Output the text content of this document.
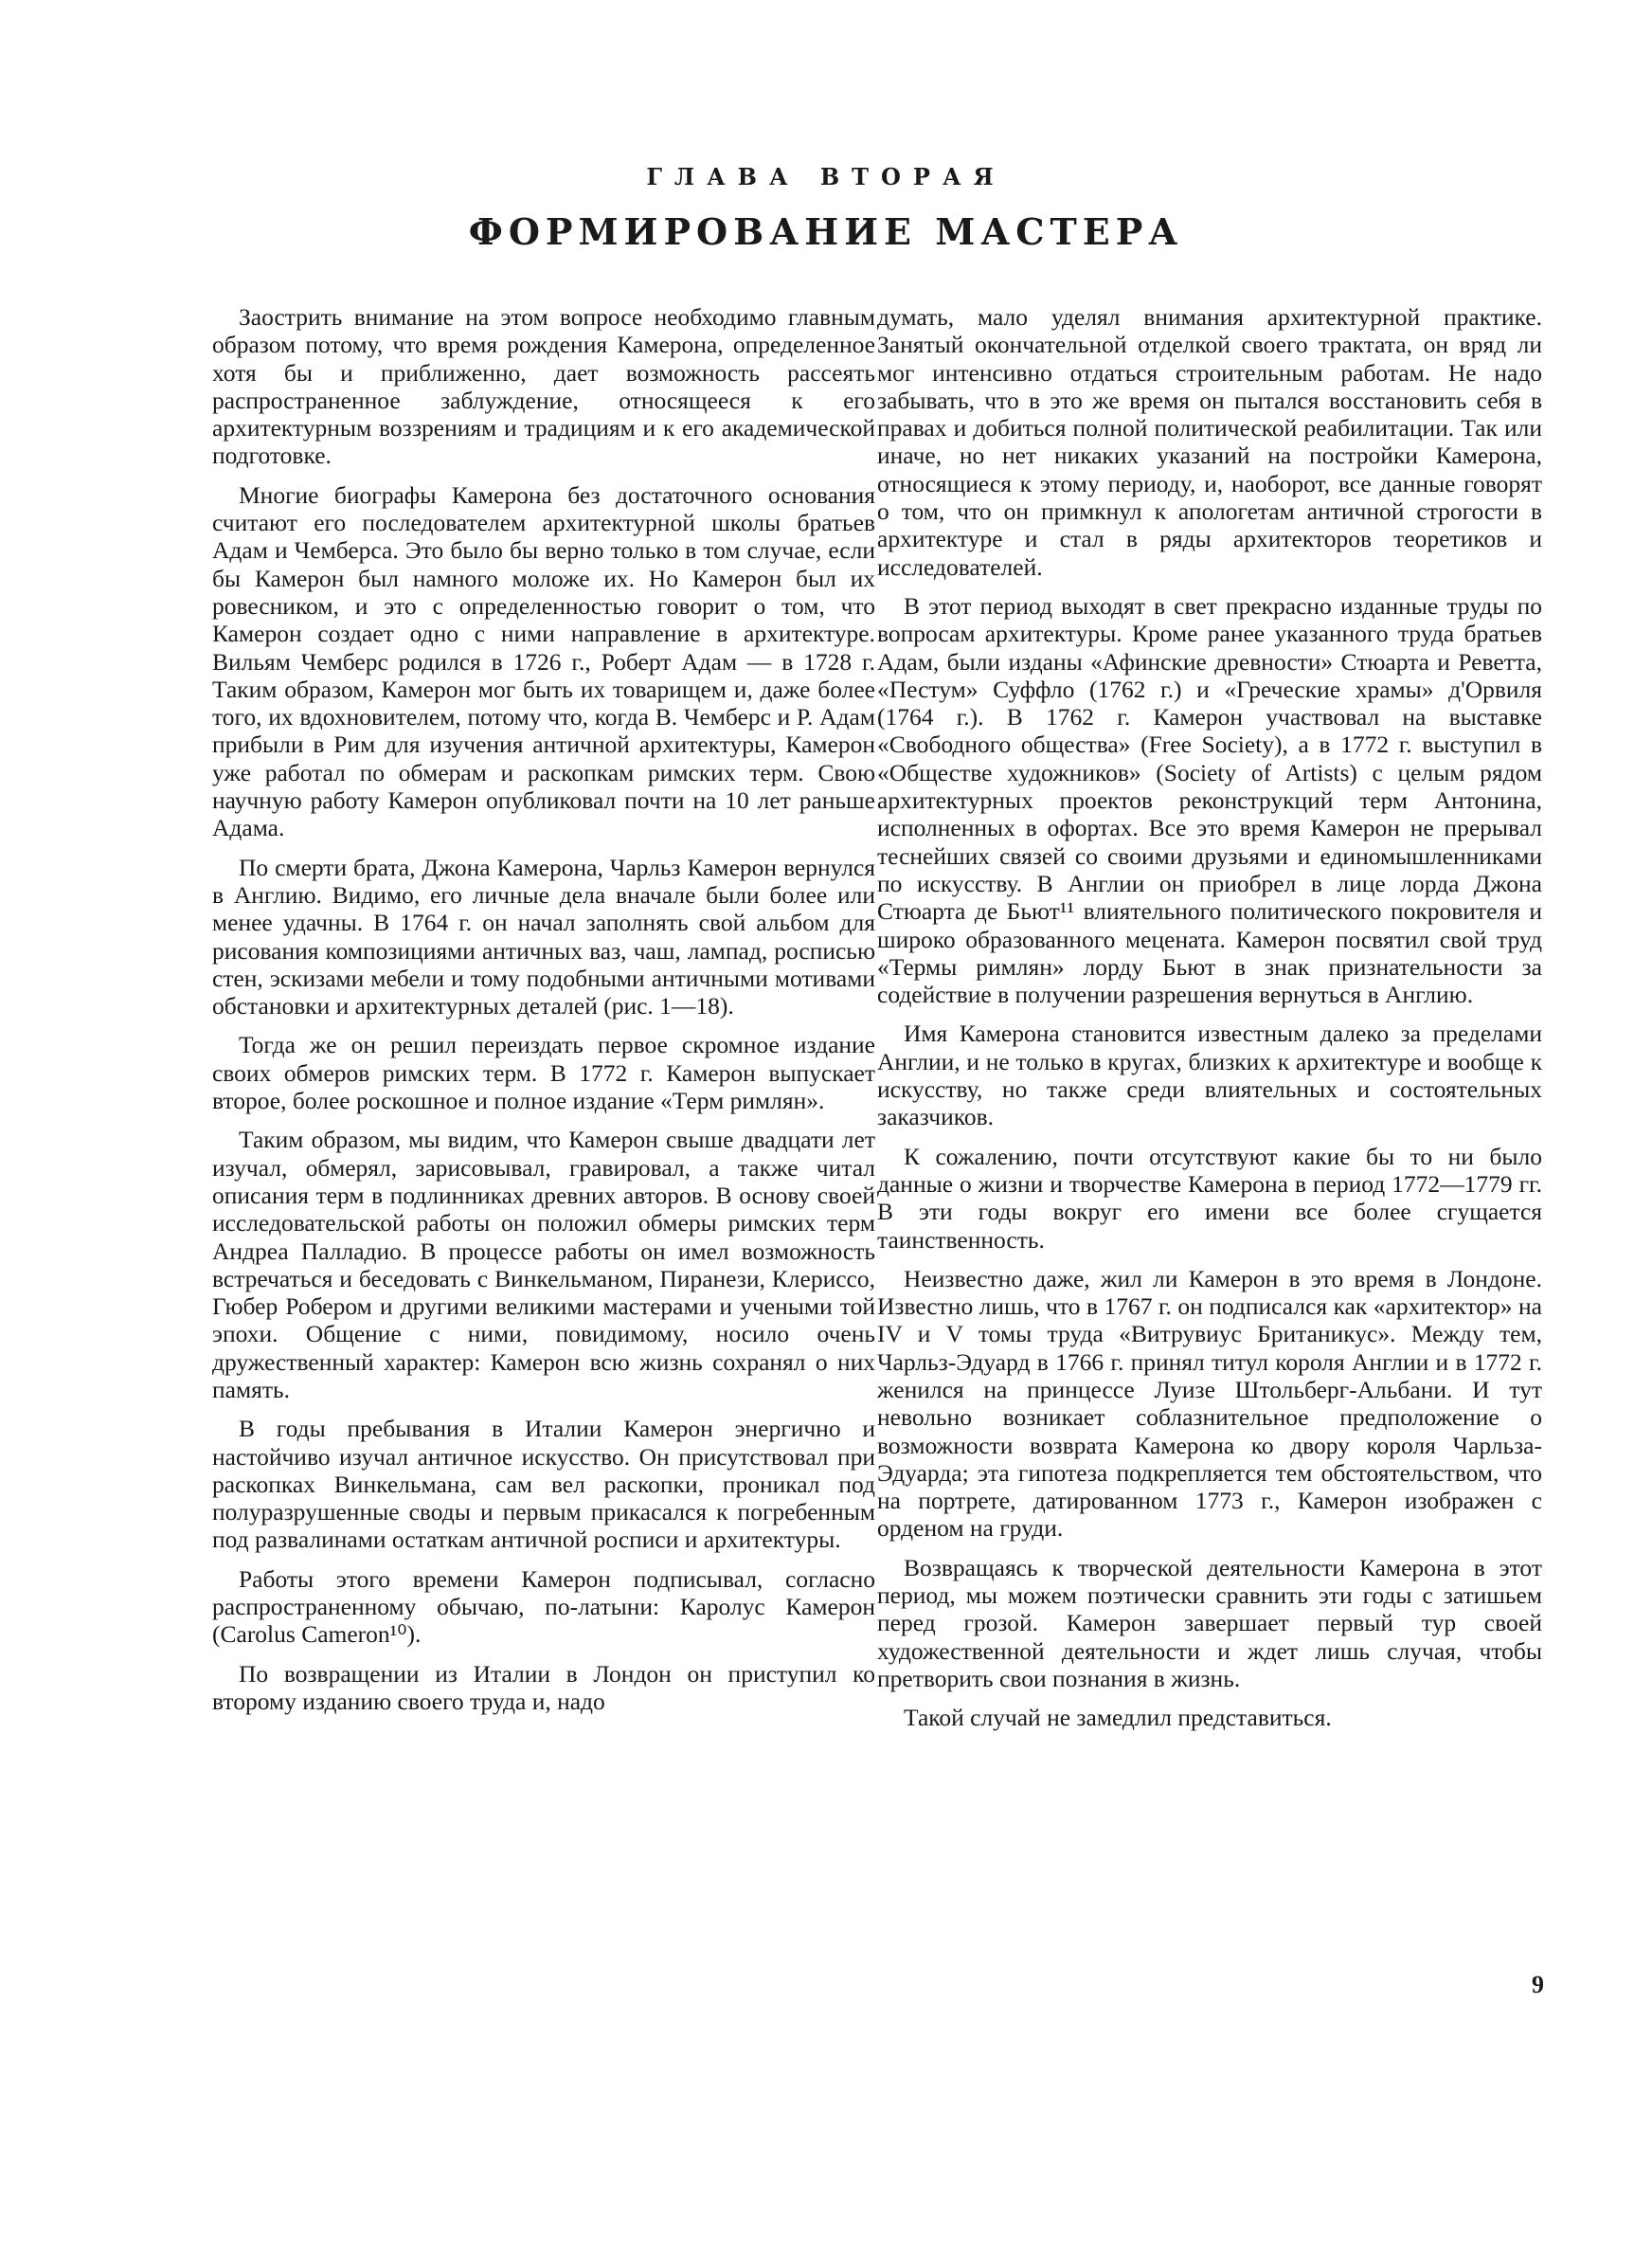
ГЛАВА ВТОРАЯ
ФОРМИРОВАНИЕ МАСТЕРА

Заострить внимание на этом вопросе необходимо главным образом потому, что время рождения Камерона, определенное хотя бы и приближенно, дает возможность рассеять распространенное заблуждение, относящееся к его архитектурным воззрениям и традициям и к его академической подготовке.

Многие биографы Камерона без достаточного основания считают его последователем архитектурной школы братьев Адам и Чемберса. Это было бы верно только в том случае, если бы Камерон был намного моложе их. Но Камерон был их ровесником, и это с определенностью говорит о том, что Камерон создает одно с ними направление в архитектуре. Вильям Чемберс родился в 1726 г., Роберт Адам — в 1728 г. Таким образом, Камерон мог быть их товарищем и, даже более того, их вдохновителем, потому что, когда В. Чемберс и Р. Адам прибыли в Рим для изучения античной архитектуры, Камерон уже работал по обмерам и раскопкам римских терм. Свою научную работу Камерон опубликовал почти на 10 лет раньше Адама.

По смерти брата, Джона Камерона, Чарльз Камерон вернулся в Англию. Видимо, его личные дела вначале были более или менее удачны. В 1764 г. он начал заполнять свой альбом для рисования композициями античных ваз, чаш, лампад, росписью стен, эскизами мебели и тому подобными античными мотивами обстановки и архитектурных деталей (рис. 1—18).

Тогда же он решил переиздать первое скромное издание своих обмеров римских терм. В 1772 г. Камерон выпускает второе, более роскошное и полное издание «Терм римлян».

Таким образом, мы видим, что Камерон свыше двадцати лет изучал, обмерял, зарисовывал, гравировал, а также читал описания терм в подлинниках древних авторов. В основу своей исследовательской работы он положил обмеры римских терм Андреа Палладио. В процессе работы он имел возможность встречаться и беседовать с Винкельманом, Пиранези, Клериссо, Гюбер Робером и другими великими мастерами и учеными той эпохи. Общение с ними, повидимому, носило очень дружественный характер: Камерон всю жизнь сохранял о них память.

В годы пребывания в Италии Камерон энергично и настойчиво изучал античное искусство. Он присутствовал при раскопках Винкельмана, сам вел раскопки, проникал под полуразрушенные своды и первым прикасался к погребенным под развалинами остаткам античной росписи и архитектуры.

Работы этого времени Камерон подписывал, согласно распространенному обычаю, по-латыни: Каролус Камерон (Carolus Cameron¹⁰).

По возвращении из Италии в Лондон он приступил ко второму изданию своего труда и, надо

думать, мало уделял внимания архитектурной практике. Занятый окончательной отделкой своего трактата, он вряд ли мог интенсивно отдаться строительным работам. Не надо забывать, что в это же время он пытался восстановить себя в правах и добиться полной политической реабилитации. Так или иначе, но нет никаких указаний на постройки Камерона, относящиеся к этому периоду, и, наоборот, все данные говорят о том, что он примкнул к апологетам античной строгости в архитектуре и стал в ряды архитекторов теоретиков и исследователей.

В этот период выходят в свет прекрасно изданные труды по вопросам архитектуры. Кроме ранее указанного труда братьев Адам, были изданы «Афинские древности» Стюарта и Реветта, «Пестум» Суффло (1762 г.) и «Греческие храмы» д'Орвиля (1764 г.). В 1762 г. Камерон участвовал на выставке «Свободного общества» (Free Society), а в 1772 г. выступил в «Обществе художников» (Society of Artists) с целым рядом архитектурных проектов реконструкций терм Антонина, исполненных в офортах. Все это время Камерон не прерывал теснейших связей со своими друзьями и единомышленниками по искусству. В Англии он приобрел в лице лорда Джона Стюарта де Бьют¹¹ влиятельного политического покровителя и широко образованного мецената. Камерон посвятил свой труд «Термы римлян» лорду Бьют в знак признательности за содействие в получении разрешения вернуться в Англию.

Имя Камерона становится известным далеко за пределами Англии, и не только в кругах, близких к архитектуре и вообще к искусству, но также среди влиятельных и состоятельных заказчиков.

К сожалению, почти отсутствуют какие бы то ни было данные о жизни и творчестве Камерона в период 1772—1779 гг. В эти годы вокруг его имени все более сгущается таинственность.

Неизвестно даже, жил ли Камерон в это время в Лондоне. Известно лишь, что в 1767 г. он подписался как «архитектор» на IV и V томы труда «Витрувиус Британикус». Между тем, Чарльз-Эдуард в 1766 г. принял титул короля Англии и в 1772 г. женился на принцессе Луизе Штольберг-Альбани. И тут невольно возникает соблазнительное предположение о возможности возврата Камерона ко двору короля Чарльза-Эдуарда; эта гипотеза подкрепляется тем обстоятельством, что на портрете, датированном 1773 г., Камерон изображен с орденом на груди.

Возвращаясь к творческой деятельности Камерона в этот период, мы можем поэтически сравнить эти годы с затишьем перед грозой. Камерон завершает первый тур своей художественной деятельности и ждет лишь случая, чтобы претворить свои познания в жизнь.

Такой случай не замедлил представиться.

9
